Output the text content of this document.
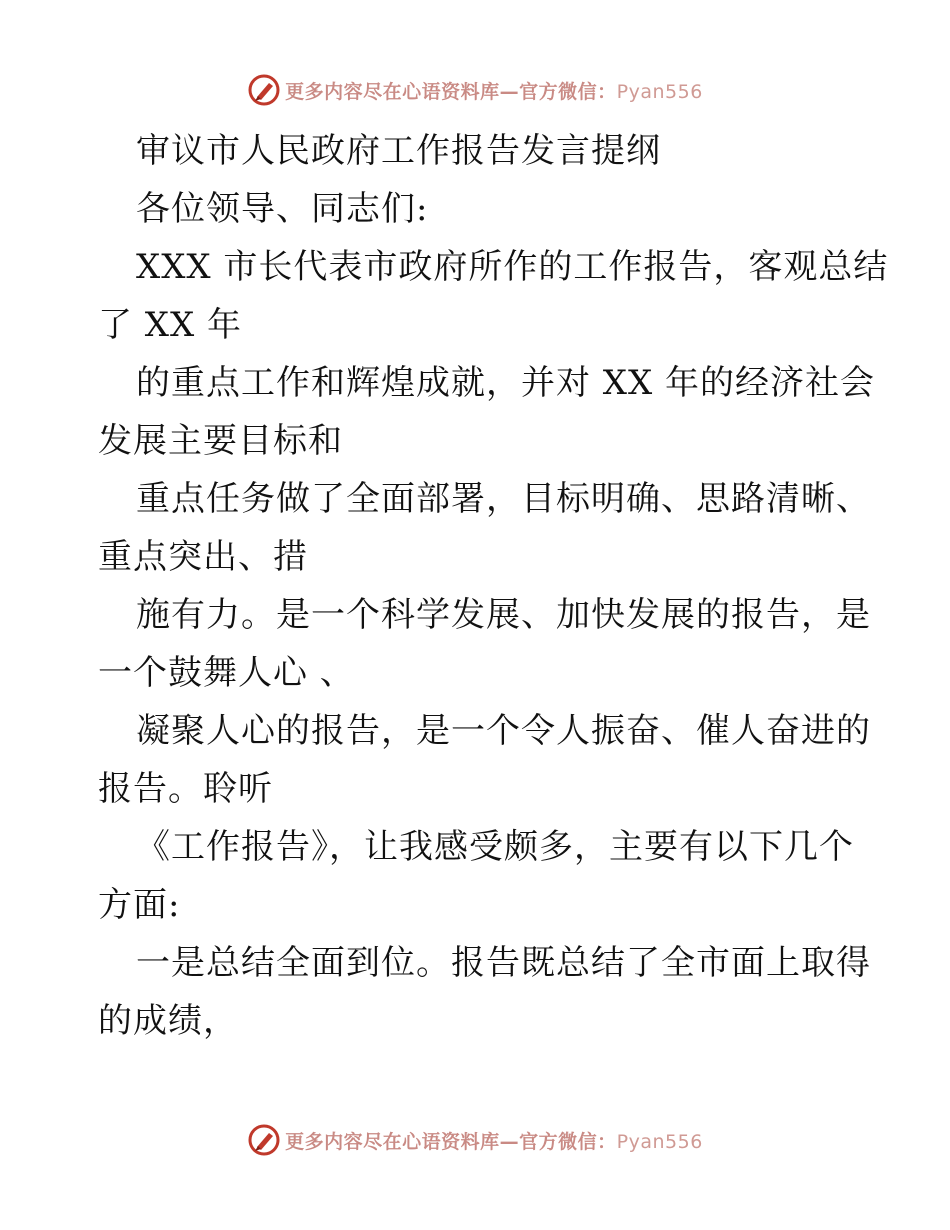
更多内容尽在心语资料库—官方微信：Pyan556
审议市人民政府工作报告发言提纲
各位领导、同志们:
XXX 市长代表市政府所作的工作报告，客观总结
了 XX 年
的重点工作和辉煌成就，并对 XX 年的经济社会
发展主要目标和
重点任务做了全面部署，目标明确、思路清晰、
重点突出、措
施有力。是一个科学发展、加快发展的报告，是
一个鼓舞人心 、
凝聚人心的报告，是一个令人振奋、催人奋进的
报告。聆听
《工作报告》，让我感受颇多，主要有以下几个
方面:
一是总结全面到位。报告既总结了全市面上取得
的成绩，
更多内容尽在心语资料库—官方微信：Pyan556
